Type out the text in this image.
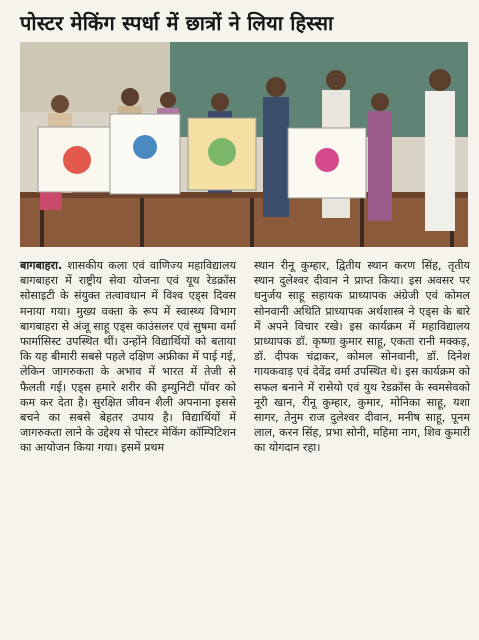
पोस्टर मेकिंग स्पर्धा में छात्रों ने लिया हिस्सा

बागबाहरा. शासकीय कला एवं वाणिज्य महाविद्यालय बागबाहरा में राष्ट्रीय सेवा योजना एवं यूथ रेडक्रॉस सोसाइटी के संयुक्त तत्वावधान में विश्व एड्स दिवस मनाया गया। मुख्य वक्ता के रूप में स्वास्थ्य विभाग बागबाहरा से अंजू साहू एड्स काउंसलर एवं सुषमा वर्मा फार्मासिस्ट उपस्थित थीं। उन्होंने विद्यार्थियों को बताया कि यह बीमारी सबसे पहले दक्षिण अफ्रीका में पाई गई, लेकिन जागरुकता के अभाव में भारत में तेजी से फैलती गई। एड्स हमारे शरीर की इम्युनिटी पॉवर को कम कर देता है। सुरक्षित जीवन शैली अपनाना इससे बचने का सबसे बेहतर उपाय है। विद्यार्थियों में जागरुकता लाने के उद्देश्य से पोस्टर मेकिंग कॉम्पिटिशन का आयोजन किया गया। इसमें प्रथम

स्थान रीनू कुम्हार, द्वितीय स्थान करण सिंह, तृतीय स्थान दुलेश्वर दीवान ने प्राप्त किया। इस अवसर पर धनुर्जय साहू सहायक प्राध्यापक अंग्रेजी एवं कोमल सोनवानी अथिति प्राध्यापक अर्थशास्त्र ने एड्स के बारे में अपने विचार रखे। इस कार्यक्रम में महाविद्यालय प्राध्यापक डॉ. कृष्णा कुमार साहू, एकता रानी मक्कड़, डॉ. दीपक चंद्राकर, कोमल सोनवानी, डॉ. दिनेश गायकवाड़ एवं देवेंद्र वर्मा उपस्थित थे। इस कार्यक्रम को सफल बनाने में रासेयो एवं युथ रेडक्रॉस के स्वमसेवको नूरी खान, रीनू कुम्हार, कुमार, मोनिका साहू, यशा सागर, तेनुम राज दुलेश्वर दीवान, मनीष साहू, पूनम लाल, करन सिंह, प्रभा सोनी, महिमा नाग, शिव कुमारी का योगदान रहा।
